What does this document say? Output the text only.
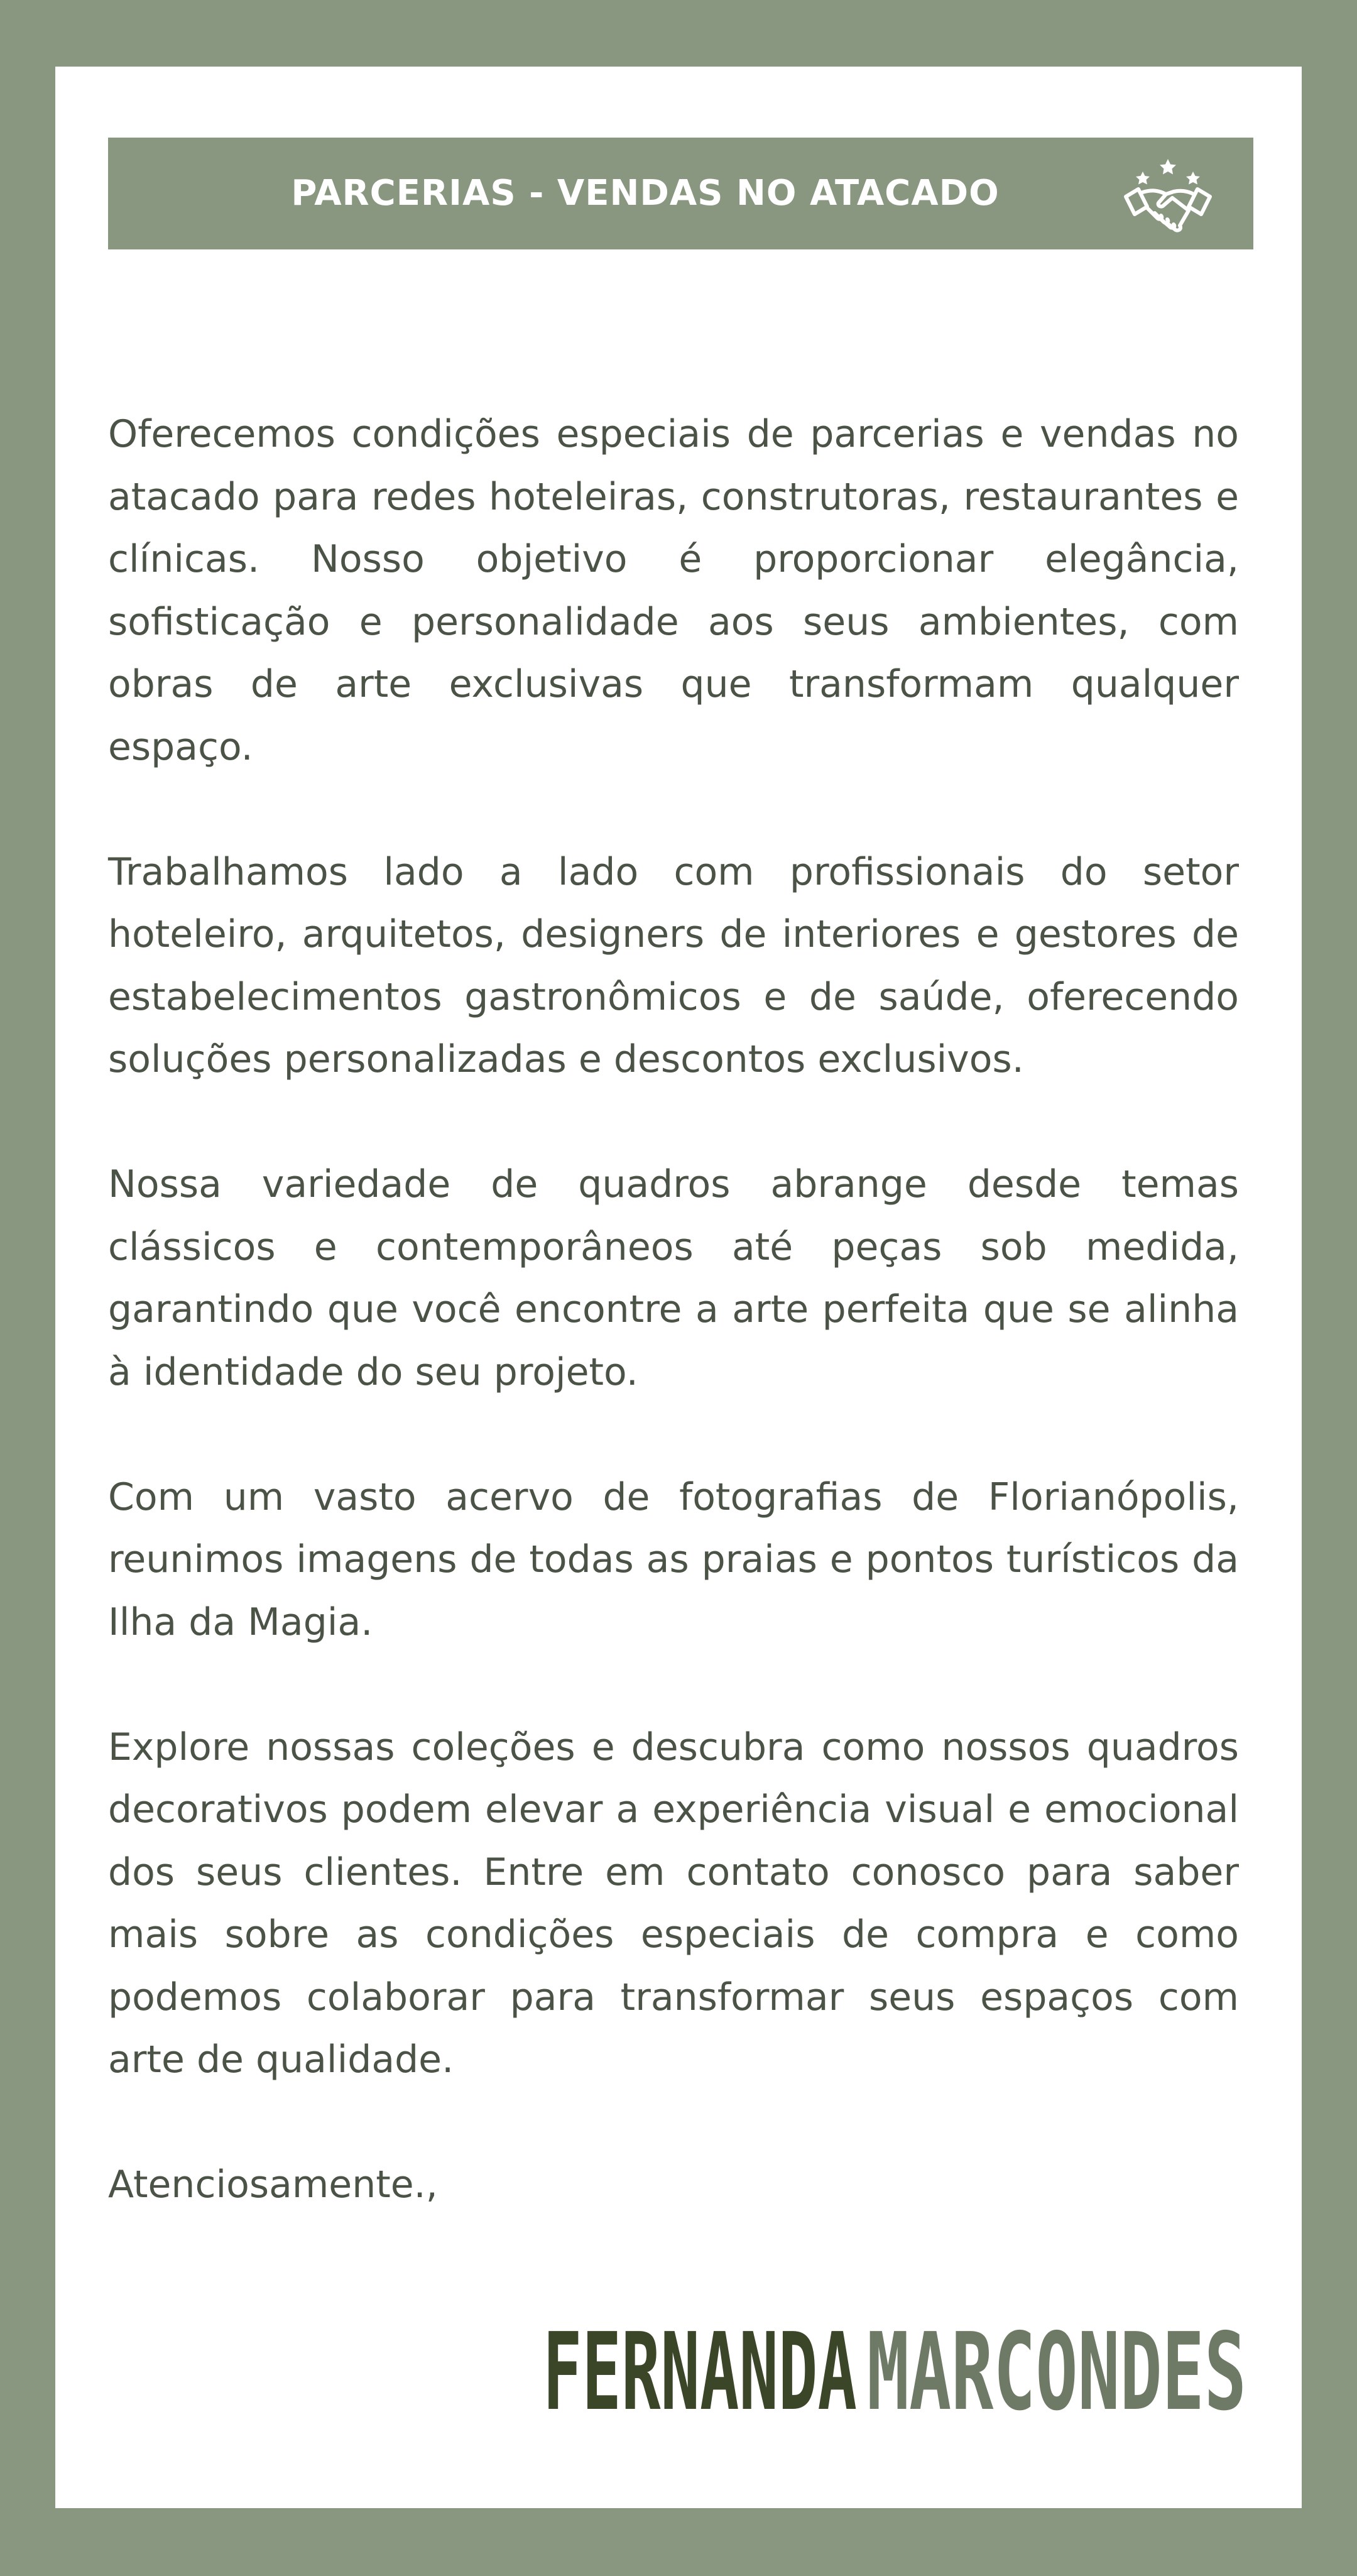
PARCERIAS - VENDAS NO ATACADO

Oferecemos condições especiais de parcerias e vendas no atacado para redes hoteleiras, construtoras, restaurantes e clínicas. Nosso objetivo é proporcionar elegância, sofisticação e personalidade aos seus ambientes, com obras de arte exclusivas que transformam qualquer espaço.

Trabalhamos lado a lado com profissionais do setor hoteleiro, arquitetos, designers de interiores e gestores de estabelecimentos gastronômicos e de saúde, oferecendo soluções personalizadas e descontos exclusivos.

Nossa variedade de quadros abrange desde temas clássicos e contemporâneos até peças sob medida, garantindo que você encontre a arte perfeita que se alinha à identidade do seu projeto.

Com um vasto acervo de fotografias de Florianópolis, reunimos imagens de todas as praias e pontos turísticos da Ilha da Magia.

Explore nossas coleções e descubra como nossos quadros decorativos podem elevar a experiência visual e emocional dos seus clientes. Entre em contato conosco para saber mais sobre as condições especiais de compra e como podemos colaborar para transformar seus espaços com arte de qualidade.

Atenciosamente.,

FERNANDA MARCONDES
